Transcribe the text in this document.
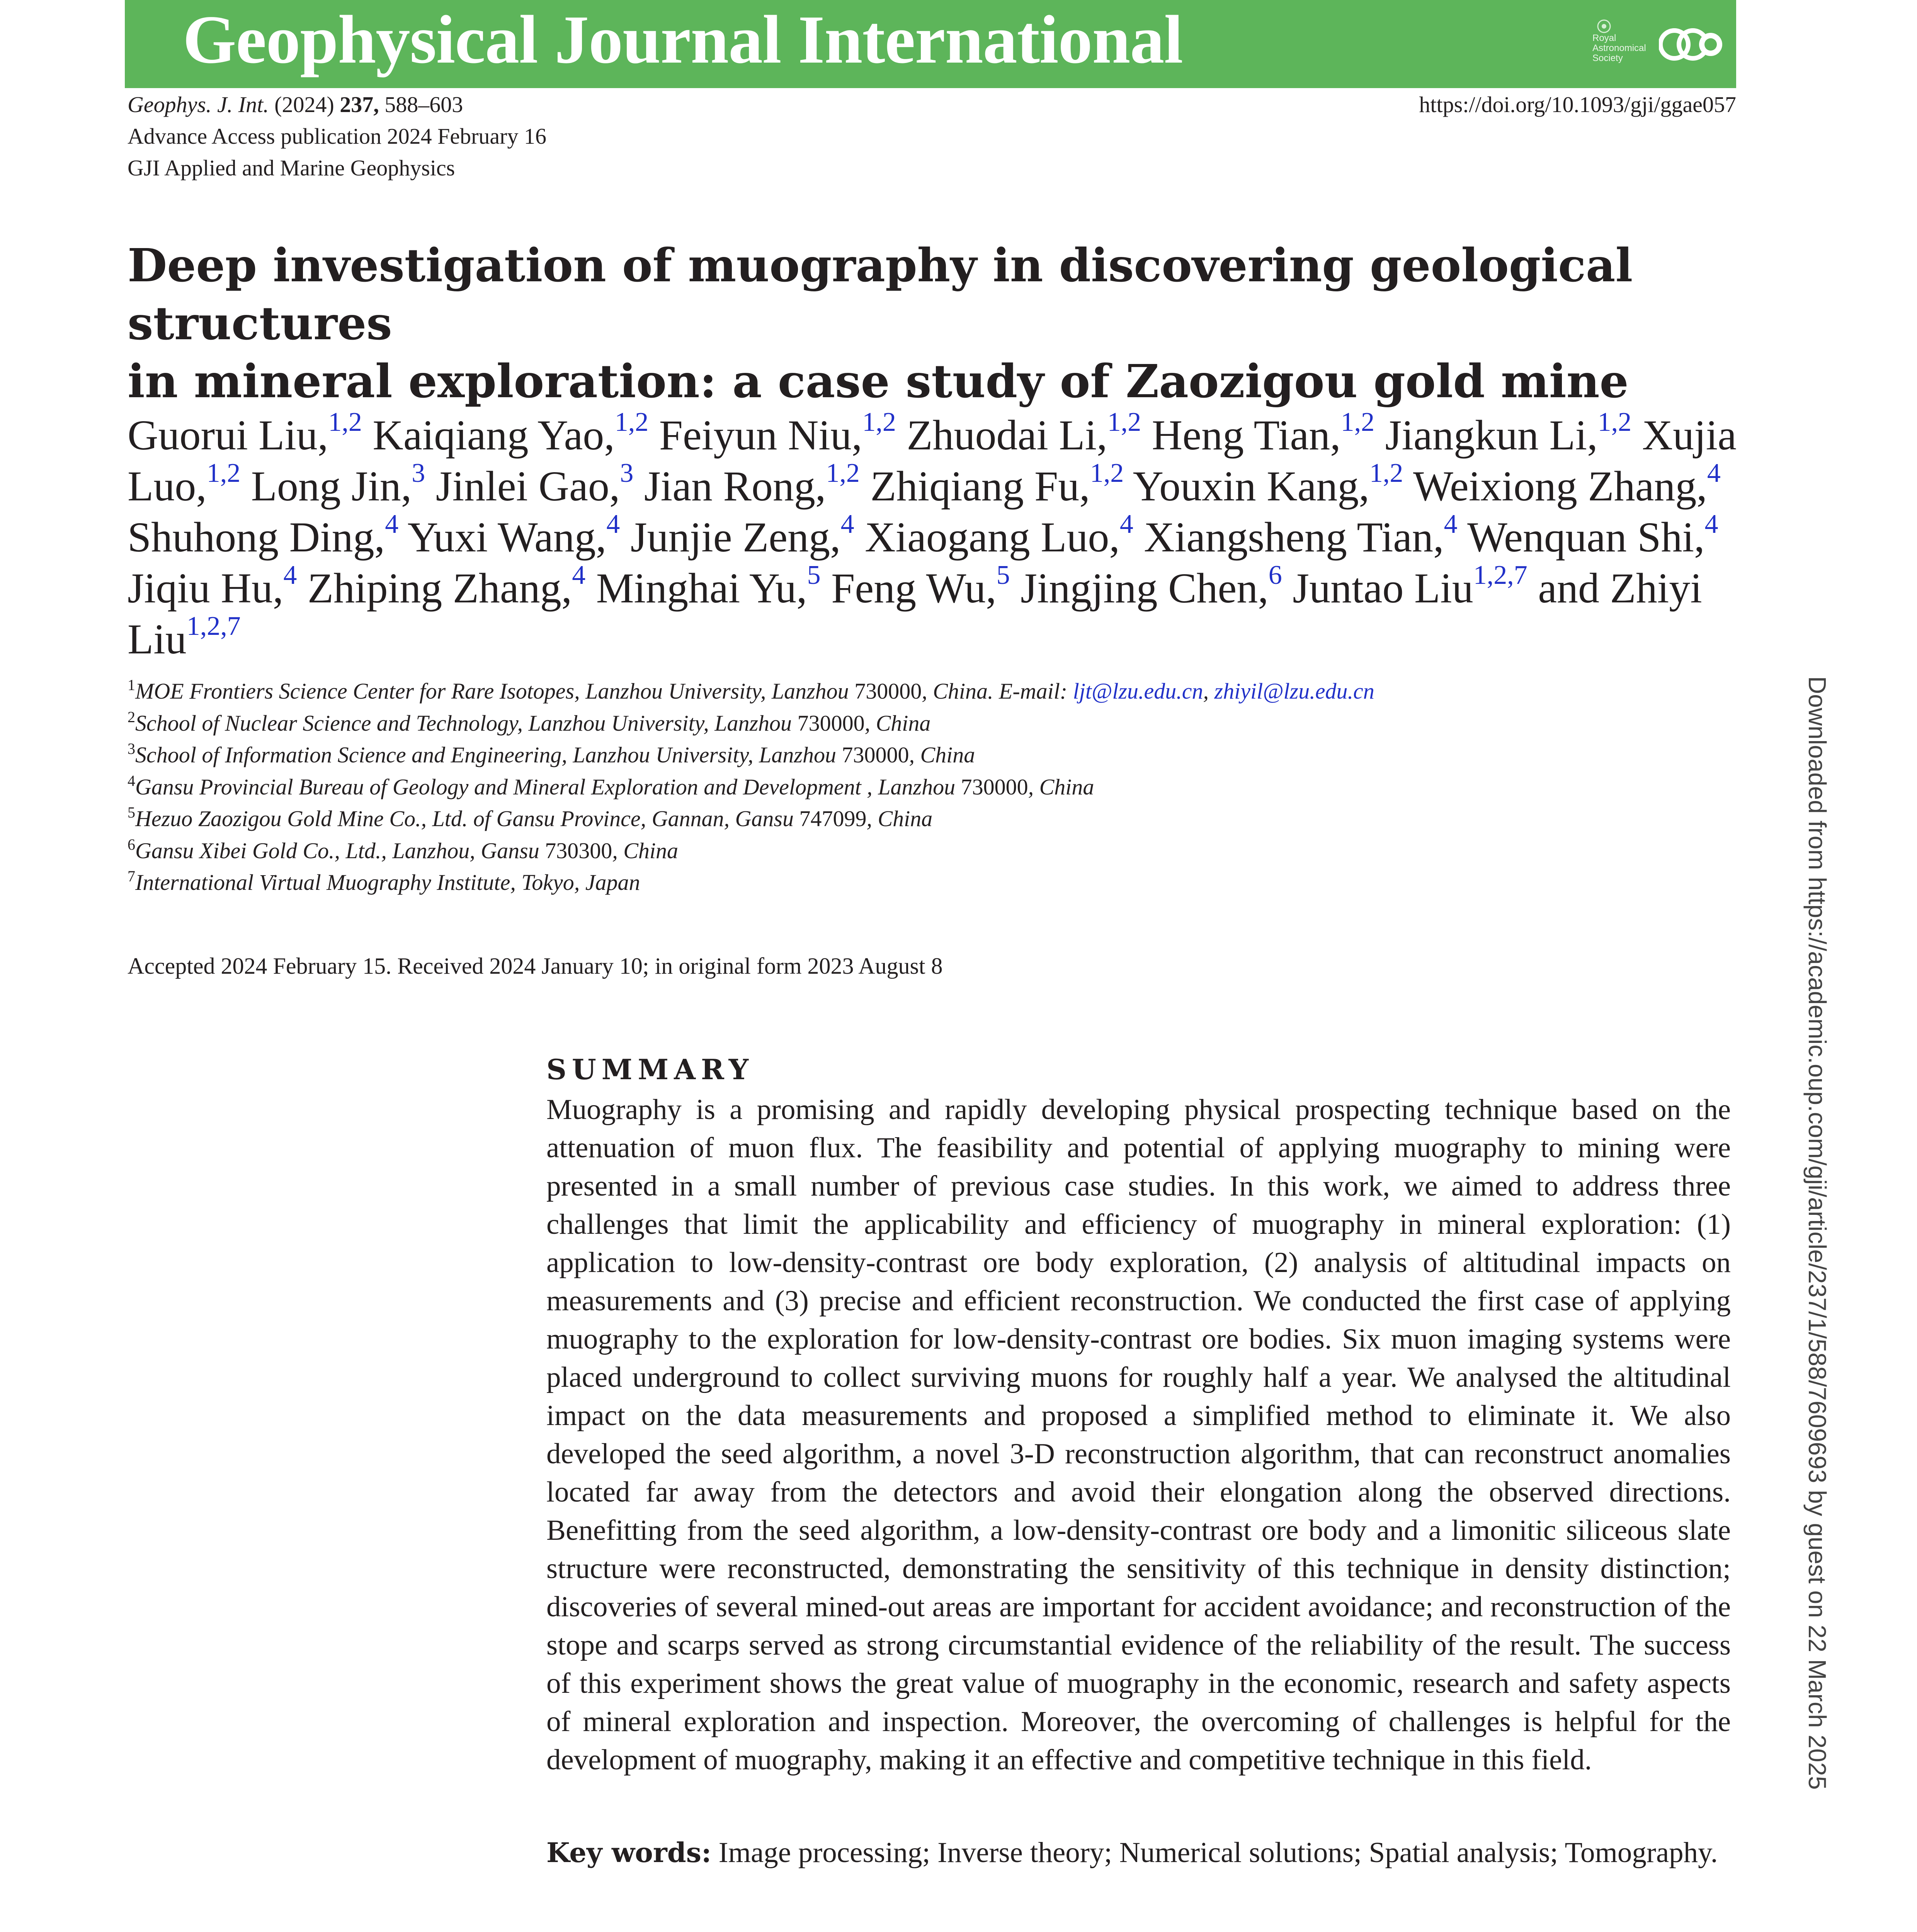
Geophysical Journal International	Royal
Astronomical
Society
Geophys. J. Int. (2024) 237, 588–603	https://doi.org/10.1093/gji/ggae057
Advance Access publication 2024 February 16
GJI Applied and Marine Geophysics
Deep investigation of muography in discovering geological structures
in mineral exploration: a case study of Zaozigou gold mine
Guorui Liu,$^{1,2}$ Kaiqiang Yao,$^{1,2}$ Feiyun Niu,$^{1,2}$ Zhuodai Li,$^{1,2}$ Heng Tian,$^{1,2}$ Jiangkun Li,$^{1,2}$ Xujia Luo,$^{1,2}$ Long Jin,$^3$ Jinlei Gao,$^3$ Jian Rong,$^{1,2}$ Zhiqiang Fu,$^{1,2}$ Youxin Kang,$^{1,2}$ Weixiong Zhang,$^4$ Shuhong Ding,$^4$ Yuxi Wang,$^4$ Junjie Zeng,$^4$ Xiaogang Luo,$^4$ Xiangsheng Tian,$^4$ Wenquan Shi,$^4$ Jiqiu Hu,$^4$ Zhiping Zhang,$^4$ Minghai Yu,$^5$ Feng Wu,$^5$ Jingjing Chen,$^6$ Juntao Liu$^{1,2,7}$ and Zhiyi Liu$^{1,2,7}$
$^1$MOE Frontiers Science Center for Rare Isotopes, Lanzhou University, Lanzhou 730000, China. E-mail: ljt@lzu.edu.cn, zhiyil@lzu.edu.cn
$^2$School of Nuclear Science and Technology, Lanzhou University, Lanzhou 730000, China
$^3$School of Information Science and Engineering, Lanzhou University, Lanzhou 730000, China
$^4$Gansu Provincial Bureau of Geology and Mineral Exploration and Development , Lanzhou 730000, China
$^5$Hezuo Zaozigou Gold Mine Co., Ltd. of Gansu Province, Gannan, Gansu 747099, China
$^6$Gansu Xibei Gold Co., Ltd., Lanzhou, Gansu 730300, China
$^7$International Virtual Muography Institute, Tokyo, Japan
Accepted 2024 February 15. Received 2024 January 10; in original form 2023 August 8
SUMMARY
Muography is a promising and rapidly developing physical prospecting technique based on the attenuation of muon flux. The feasibility and potential of applying muography to mining were presented in a small number of previous case studies. In this work, we aimed to address three challenges that limit the applicability and efficiency of muography in mineral exploration: (1) application to low-density-contrast ore body exploration, (2) analysis of altitudinal impacts on measurements and (3) precise and efficient reconstruction. We conducted the first case of applying muography to the exploration for low-density-contrast ore bodies. Six muon imaging systems were placed underground to collect surviving muons for roughly half a year. We analysed the altitudinal impact on the data measurements and proposed a simplified method to eliminate it. We also developed the seed algorithm, a novel 3-D reconstruction algorithm, that can reconstruct anomalies located far away from the detectors and avoid their elongation along the observed directions. Benefitting from the seed algorithm, a low-density-contrast ore body and a limonitic siliceous slate structure were reconstructed, demonstrating the sensitivity of this technique in density distinction; discoveries of several mined-out areas are important for accident avoidance; and reconstruction of the stope and scarps served as strong circumstantial evidence of the reliability of the result. The success of this experiment shows the great value of muography in the economic, research and safety aspects of mineral exploration and inspection. Moreover, the overcoming of challenges is helpful for the development of muography, making it an effective and competitive technique in this field.
Key words: Image processing; Inverse theory; Numerical solutions; Spatial analysis; Tomography.
Downloaded from https://academic.oup.com/gji/article/237/1/588/7609693 by guest on 22 March 2025
